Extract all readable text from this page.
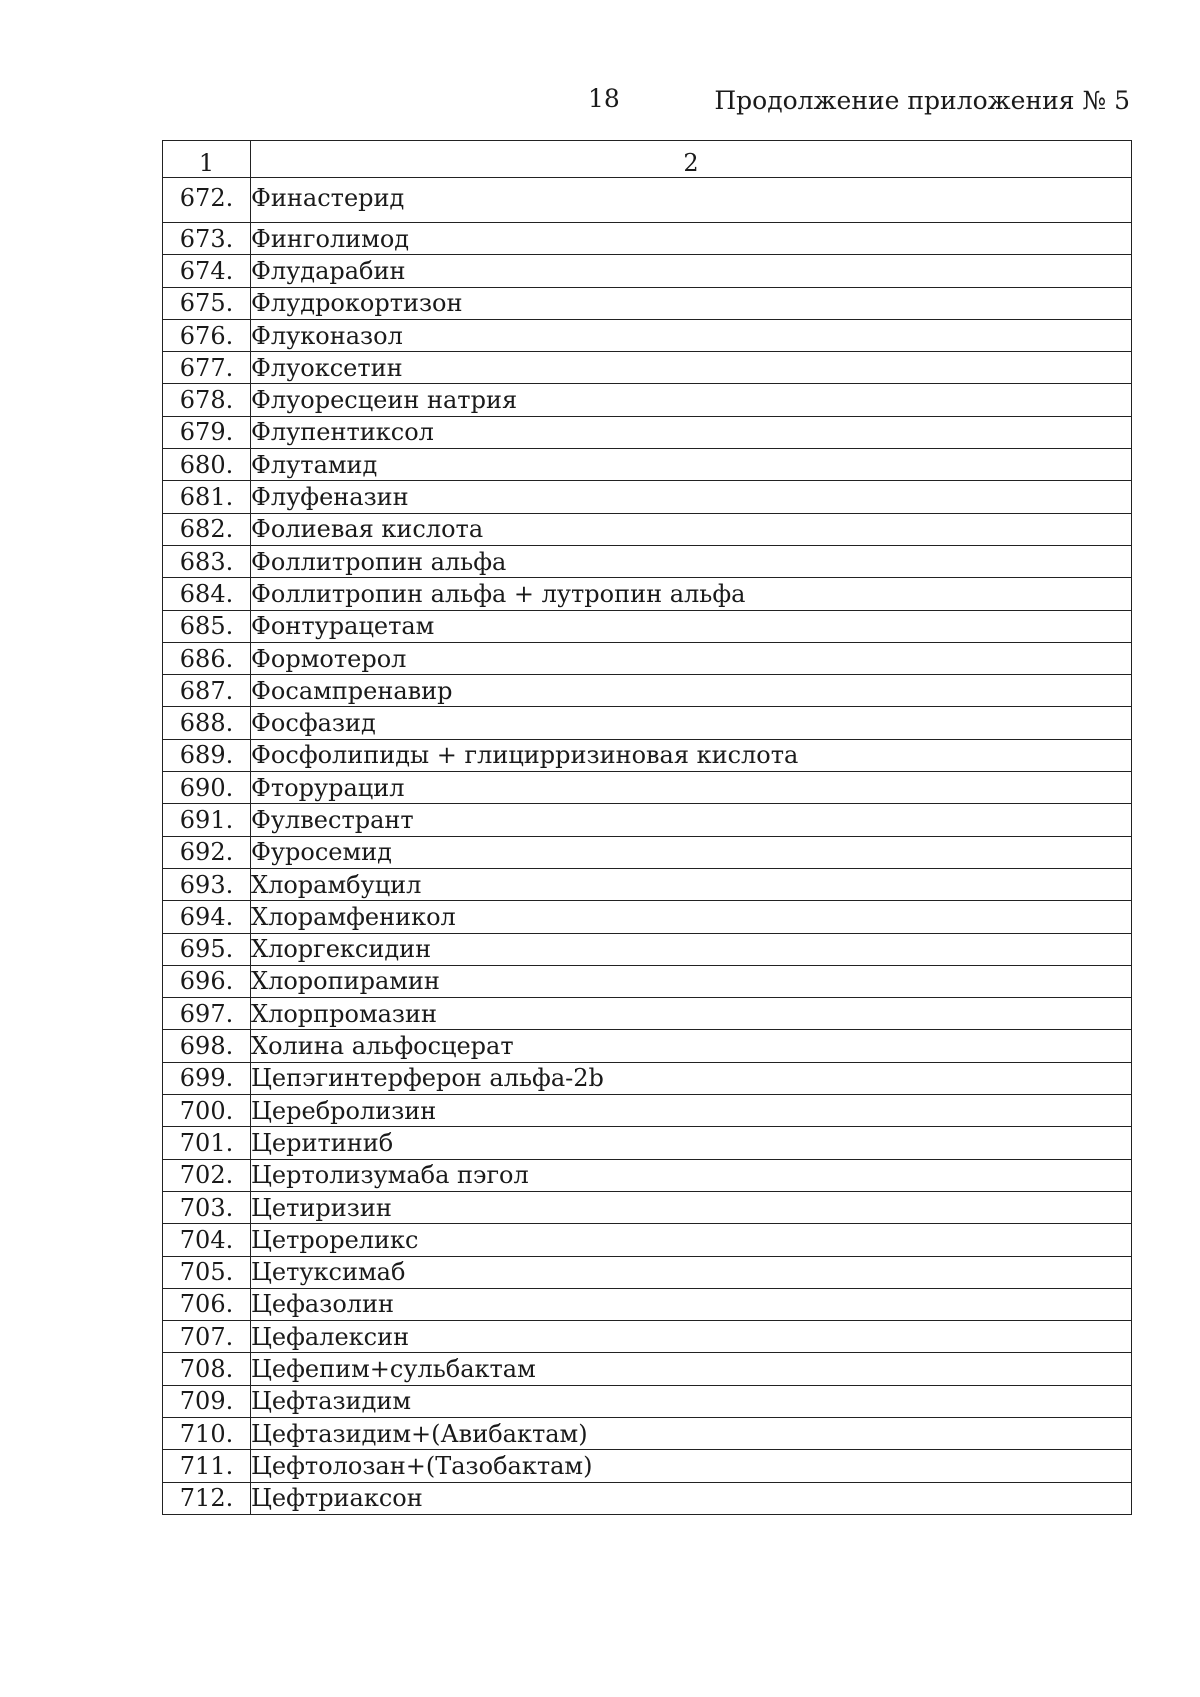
18	Продолжение приложения № 5
1	2
672.	Финастерид
673.	Финголимод
674.	Флударабин
675.	Флудрокортизон
676.	Флуконазол
677.	Флуоксетин
678.	Флуоресцеин натрия
679.	Флупентиксол
680.	Флутамид
681.	Флуфеназин
682.	Фолиевая кислота
683.	Фоллитропин альфа
684.	Фоллитропин альфа + лутропин альфа
685.	Фонтурацетам
686.	Формотерол
687.	Фосампренавир
688.	Фосфазид
689.	Фосфолипиды + глицирризиновая кислота
690.	Фторурацил
691.	Фулвестрант
692.	Фуросемид
693.	Хлорамбуцил
694.	Хлорамфеникол
695.	Хлоргексидин
696.	Хлоропирамин
697.	Хлорпромазин
698.	Холина альфосцерат
699.	Цепэгинтерферон альфа-2b
700.	Церебролизин
701.	Церитиниб
702.	Цертолизумаба пэгол
703.	Цетиризин
704.	Цетрореликс
705.	Цетуксимаб
706.	Цефазолин
707.	Цефалексин
708.	Цефепим+сульбактам
709.	Цефтазидим
710.	Цефтазидим+(Авибактам)
711.	Цефтолозан+(Тазобактам)
712.	Цефтриаксон
